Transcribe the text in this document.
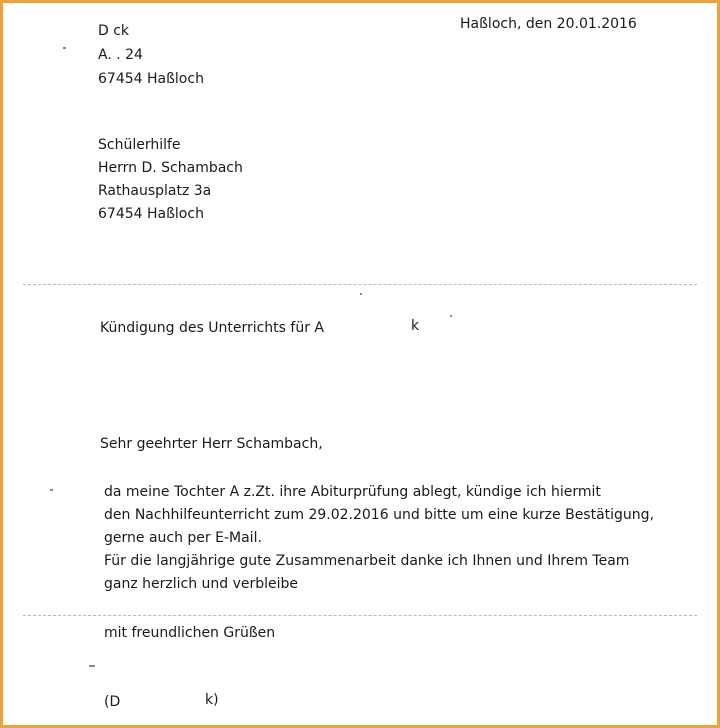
D ck
A. . 24
67454 Haßloch
Haßloch, den 20.01.2016
Schülerhilfe
Herrn D. Schambach
Rathausplatz 3a
67454 Haßloch
Kündigung des Unterrichts für A	k
Sehr geehrter Herr Schambach,
da meine Tochter A z.Zt. ihre Abiturprüfung ablegt, kündige ich hiermit
den Nachhilfeunterricht zum 29.02.2016 und bitte um eine kurze Bestätigung,
gerne auch per E-Mail.
Für die langjährige gute Zusammenarbeit danke ich Ihnen und Ihrem Team
ganz herzlich und verbleibe
mit freundlichen Grüßen
(D	k)
